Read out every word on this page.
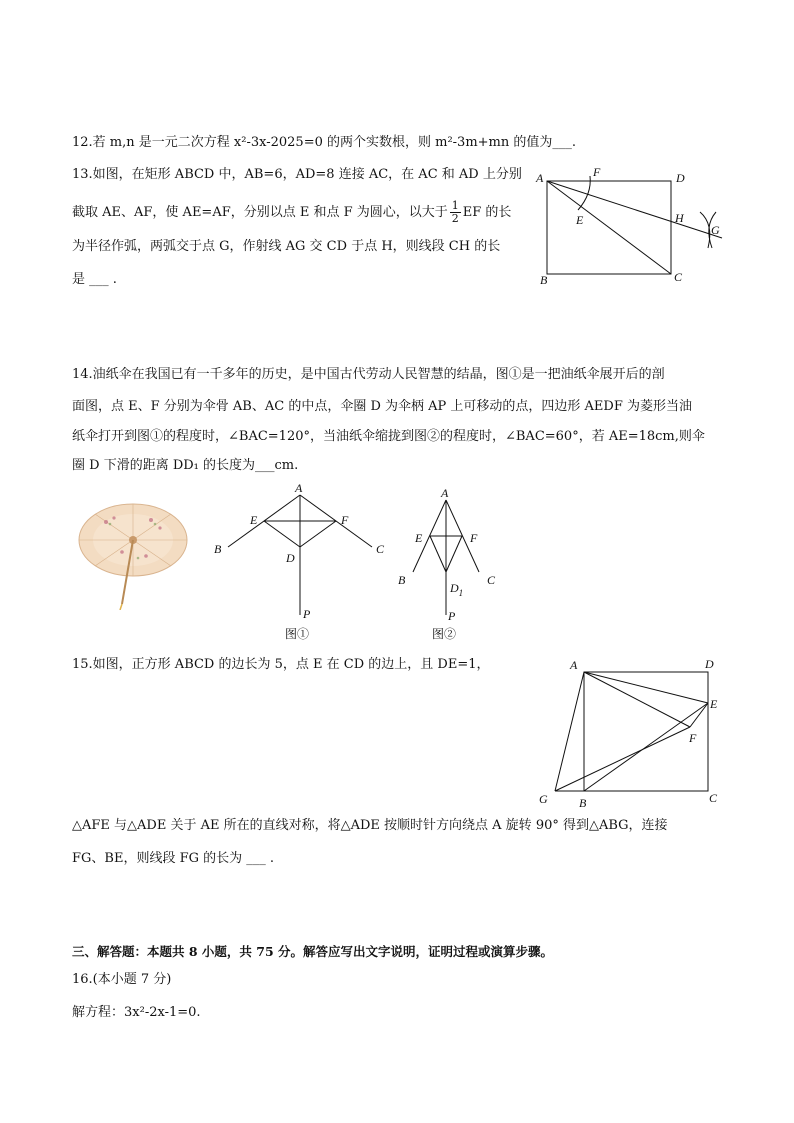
12.若 m,n 是一元二次方程 x²-3x-2025=0 的两个实数根，则 m²-3m+mn 的值为___.
13.如图，在矩形 ABCD 中，AB=6，AD=8 连接 AC，在 AC 和 AD 上分别
截取 AE、AF，使 AE=AF，分别以点 E 和点 F 为圆心，以大于 $\frac{1}{2}$ EF 的长
为半径作弧，两弧交于点 G，作射线 AG 交 CD 于点 H，则线段 CH 的长
是 ___ .
A	F	D
E	H
G
B	C
14.油纸伞在我国已有一千多年的历史，是中国古代劳动人民智慧的结晶，图①是一把油纸伞展开后的剖
面图，点 E、F 分别为伞骨 AB、AC 的中点，伞圈 D 为伞柄 AP 上可移动的点，四边形 AEDF 为菱形当油
纸伞打开到图①的程度时，∠BAC=120°，当油纸伞缩拢到图②的程度时，∠BAC=60°，若 AE=18cm,则伞
圈 D 下滑的距离 DD₁ 的长度为___cm.
A
E	F
B	C
D
P
图①
A
E	F
B	C
$D_1$
P
图②
15.如图，正方形 ABCD 的边长为 5，点 E 在 CD 的边上，且 DE=1，
△AFE 与△ADE 关于 AE 所在的直线对称，将△ADE 按顺时针方向绕点 A 旋转 90° 得到△ABG，连接
FG、BE，则线段 FG 的长为 ___ .
A	D
E
F
G	B	C
三、解答题：本题共 8 小题，共 75 分。解答应写出文字说明，证明过程或演算步骤。
16.(本小题 7 分)
解方程：3x²-2x-1=0.
